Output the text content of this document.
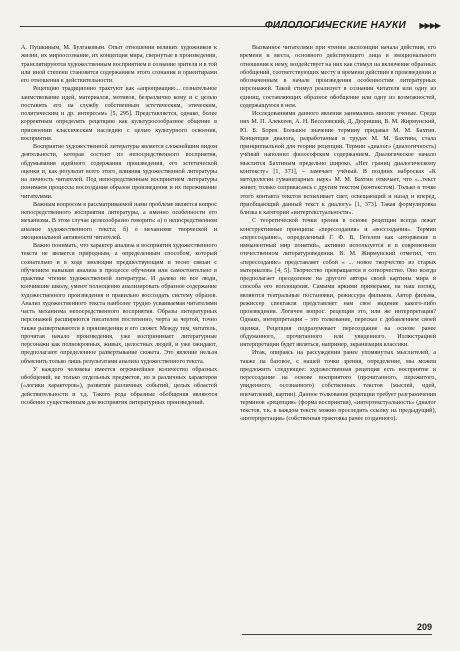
ФИЛОЛОГИЧЕСКИЕ НАУКИ ▶▶▶▶

А. Пушкиным, М. Булгаковым. Опыт отношения великих художников к жизни, их мироосознание, их концепция мира, свернутые в произведении, транслятируются художественным восприятием в сознание зрителя и в той или иной степени становятся содержанием этого сознания и ориентирами его отношения к действительности.

Рецепцию традиционно трактуют как «апроприацию... сознательное заимствование идей, материалов, мотивов, безразлично кому и с целью поставить его на службу собственным эстетическим, этическим, политическим и др. интересам» [5, 295]. Представляется, однако, более корректным определять рецепцию как культуросообразное общение в присвоении классическим наследию с целью культурного освоения, восприятия.

Восприятие художественной литературы является сложнейшим видом деятельности, которая состоит из непосредственного восприятия, обдумывания идейного содержания произведения, его эстетической оценки и, как результат всего этого, влияния художественной литературы на личность читателей. Под непосредственным восприятием литературы понимаем процессы воссоздания образов произведения и их переживание читателями.

Важным вопросом в рассматриваемой нами проблеме является вопрос непосредственного восприятия литературы, а именно особенности его механизма. В этом случае целесообразно говорить: а) о непосредственном анализе художественного текста; б) о механизме творческой и эмоциональной активности читателей.

Важно понимать, что характер анализа и восприятия художественного текста не является природным, а определенным способом, который сознательно и в ходе эволюции предшествующим и тесно связан с обучением навыкам анализа в процессе обучения или самостоятельно в практике чтения художественной литературы. И далеко не все люди, кончившие школу, умеют полноценно анализировать образное содержание художественного произведения и правильно воссоздать систему образов. Анализ художественного текста наиболее трудно усваиваемая читателями часть механизма непосредственного восприятия. Образы литературных персонажей расширяются писателем постепенно, черта за чертой, точно также развертываются в произведении и его сюжет. Между тем, читатель, прочитав начало произведения, уже воспринимает литературные персонажи как полнокровных, живых, целостных людей, и уже ожидают, предполагают определенное развертывание сюжета. Это явление нельзя объяснить только лишь результатами анализа художественного текста.

У каждого человека имеется огромнейшее количество образных обобщений, не только отдельных предметов, но и различных характеров («логики характеров»), развития различных событий, целых областей действительности и т.д. Такого рода образные обобщения являются особенно существенным для восприятия литературных произведений.

Вызванное читателями при чтении экспозиции начала действия, его времени и места, основного действующего лица и эмоционального отношения к нему, воздействует на них как стимул на включение образных обобщений, соответствующих месту и времени действия в произведении и обозначенным в начале произведения особенностям литературных персонажей. Такой стимул реализует в сознании читателя или одну из единиц, составляющих образное обобщение или одну из возможностей, содержащуюся в нем.

Исследованиями данного явления занимались многие ученые. Среди них М. П. Алексеев, А. Н. Веселовский, Д. Дюришин, В. М. Жирмунский, Ю. Б. Борев. Большое значение термину придавал М. М. Бахтин. Концепция диалога, разработанная в трудах М. М. Бахтина, стала принципиальной для теории рецепции. Термин «диалог» (диалогичность) учёный наполнил философским содержанием. Диалогическое начало мыслится Бахтиным предельно широко. «Нет границ диалогическому контексту» [1, 371], – замечает учёный. В поздних набросках «К методологии гуманитарных наук» М. М. Бахтин отмечает, что «...текст живет, только соприкасаясь с другим текстом (контекстом). Только в точке этого контакта текстов вспыхивает свет, освещающий и назад и вперед, приобщающий данный текст к диалогу» [1, 373]. Такая формулировка близка к категории «интертекстуальности».

С теоретической точки зрения в основе рецепции всегда лежат конструктивные принципы «пересоздания» и «воссоздания». Термин «пересоздание», определенный Г. Ф. В. Гегелем как «вторжение в имманентный мир понятий», активно используется и в современном отечественном литературоведении. В. М. Жирмунский отметил, что «пересоздание» представляет собой « ... новое творчество из старых материалов» [4, 5]. Творчество превращается в сотворчество. Оно всегда предполагает преодоление на другого автора своей картины мира и способа его воплощения. Самыми яркими примерами, на наш взгляд, являются театральные постановки, режиссура фильмов. Автор фильма, режиссер спектакля представляет нам свое видение какого-либо произведения. Логичен вопрос: рецепция это, или же интерпретация? Однако, интерпретация – это толкование, пересказ с добавлением своей оценки. Рецепция подразумевает пересоздание на основе ранее обдуманного, прочитанного или увиденного. Иллюстрацией интерпретации будет являться, например, экранизация классики.

Итак, опираясь на рассуждения ранее упомянутых мыслителей, а также на базовое, с нашей точки зрения, определение, мы можем предложить следующее: художественная рецепция есть восприятие и пересоздание на основе восприятого (прочитанного, пережитого, увиденного, осознанного) собственных текстов (мыслей, идей, впечатлений, картин). Данное толкование рецепции требует разграничения терминов «рецепция» (форма восприятия), «интертекстуальность» (диалог текстов, т.к. в каждом тексте можно проследить ссылку на предыдущий), «интерпретация» (собственная трактовка ранее созданного).

209
